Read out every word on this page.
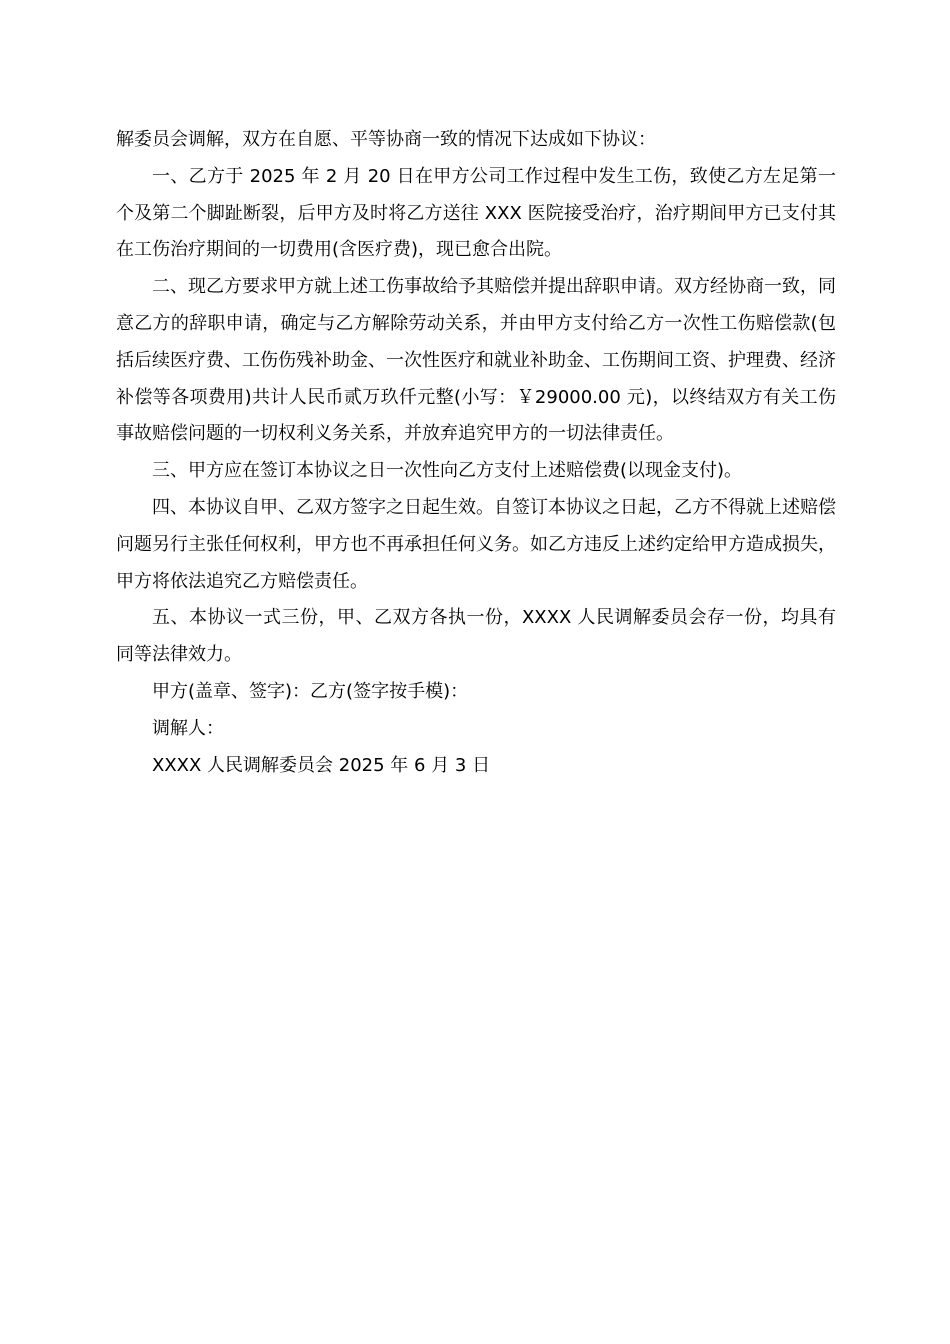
解委员会调解，双方在自愿、平等协商一致的情况下达成如下协议：

一、乙方于 2025 年 2 月 20 日在甲方公司工作过程中发生工伤，致使乙方左足第一个及第二个脚趾断裂，后甲方及时将乙方送往 XXX 医院接受治疗，治疗期间甲方已支付其在工伤治疗期间的一切费用(含医疗费)，现已愈合出院。

二、现乙方要求甲方就上述工伤事故给予其赔偿并提出辞职申请。双方经协商一致，同意乙方的辞职申请，确定与乙方解除劳动关系，并由甲方支付给乙方一次性工伤赔偿款(包括后续医疗费、工伤伤残补助金、一次性医疗和就业补助金、工伤期间工资、护理费、经济补偿等各项费用)共计人民币贰万玖仟元整(小写：￥29000.00 元)，以终结双方有关工伤事故赔偿问题的一切权利义务关系，并放弃追究甲方的一切法律责任。

三、甲方应在签订本协议之日一次性向乙方支付上述赔偿费(以现金支付)。

四、本协议自甲、乙双方签字之日起生效。自签订本协议之日起，乙方不得就上述赔偿问题另行主张任何权利，甲方也不再承担任何义务。如乙方违反上述约定给甲方造成损失，甲方将依法追究乙方赔偿责任。

五、本协议一式三份，甲、乙双方各执一份，XXXX 人民调解委员会存一份，均具有同等法律效力。

甲方(盖章、签字)：乙方(签字按手模)：

调解人：

XXXX 人民调解委员会 2025 年 6 月 3 日
